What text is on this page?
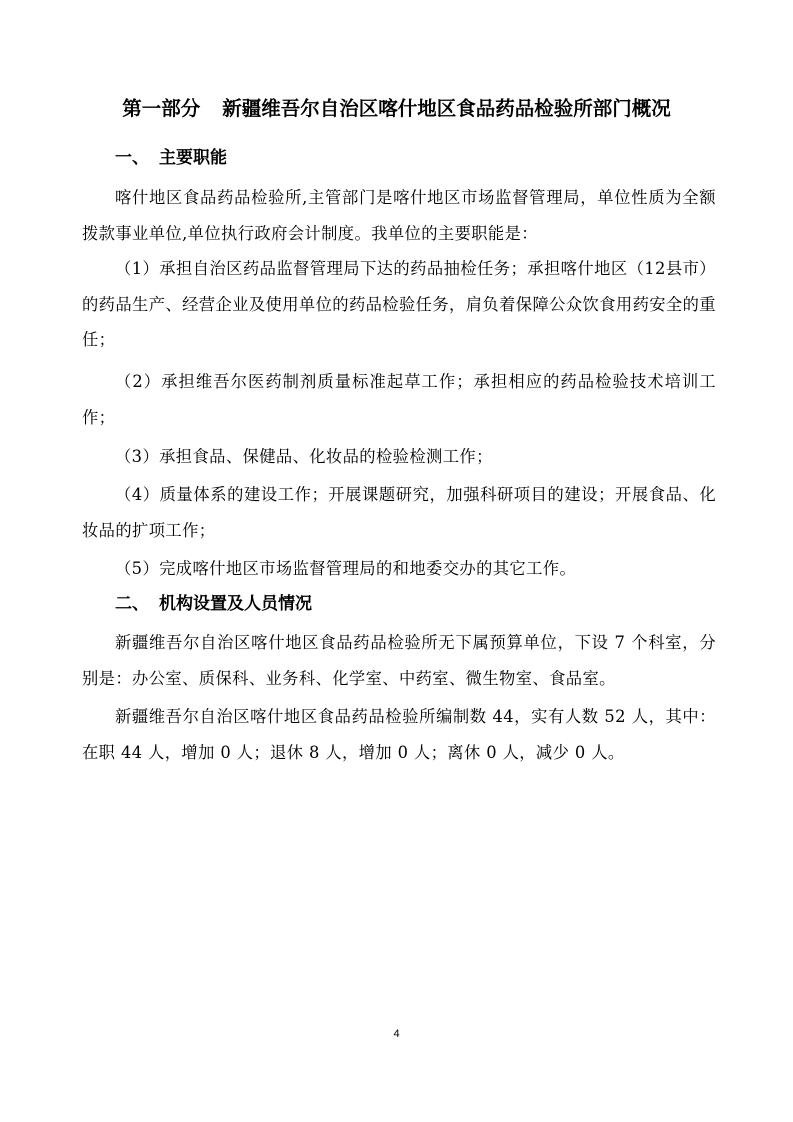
第一部分 新疆维吾尔自治区喀什地区食品药品检验所部门概况
一、 主要职能

喀什地区食品药品检验所,主管部门是喀什地区市场监督管理局，单位性质为全额拨款事业单位,单位执行政府会计制度。我单位的主要职能是：

（1）承担自治区药品监督管理局下达的药品抽检任务；承担喀什地区（12县市）的药品生产、经营企业及使用单位的药品检验任务，肩负着保障公众饮食用药安全的重任；

（2）承担维吾尔医药制剂质量标准起草工作；承担相应的药品检验技术培训工作；

（3）承担食品、保健品、化妆品的检验检测工作；

（4）质量体系的建设工作；开展课题研究，加强科研项目的建设；开展食品、化妆品的扩项工作；

（5）完成喀什地区市场监督管理局的和地委交办的其它工作。

二、 机构设置及人员情况

新疆维吾尔自治区喀什地区食品药品检验所无下属预算单位，下设 7 个科室，分别是：办公室、质保科、业务科、化学室、中药室、微生物室、食品室。

新疆维吾尔自治区喀什地区食品药品检验所编制数 44，实有人数 52 人，其中：在职 44 人，增加 0 人；退休 8 人，增加 0 人；离休 0 人，减少 0 人。

4
